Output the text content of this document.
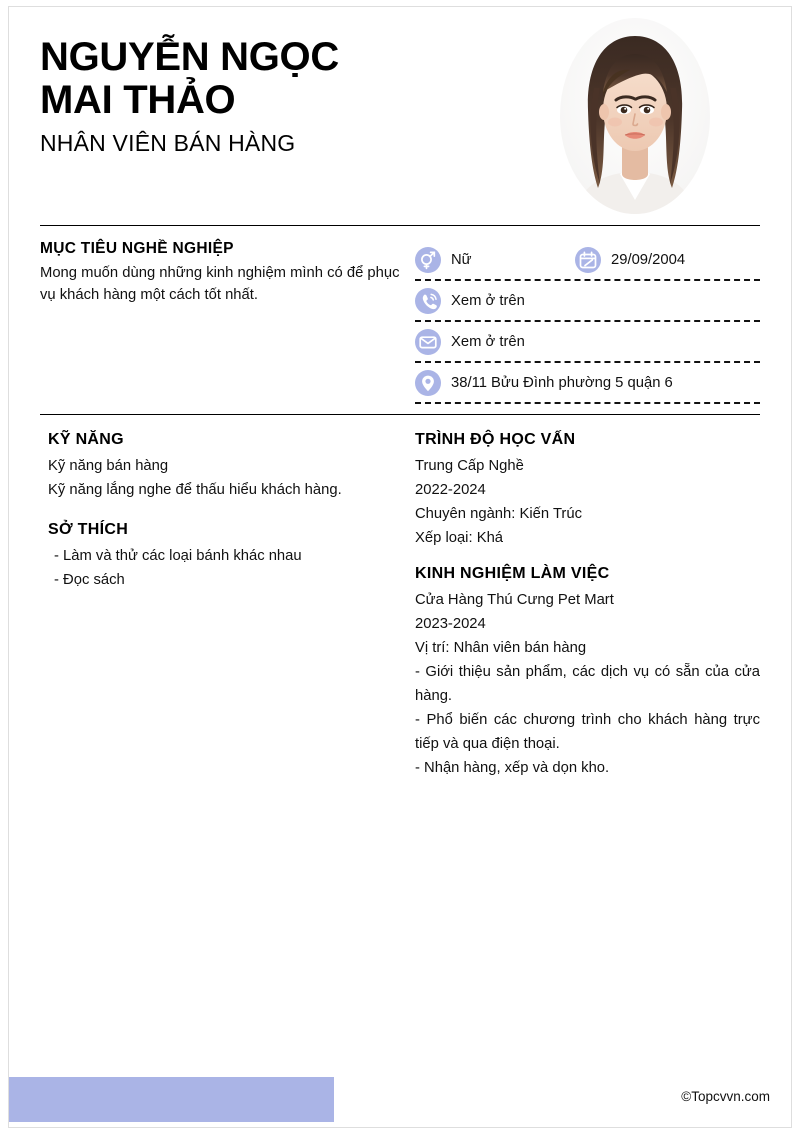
NGUYỄN NGỌC
MAI THẢO
NHÂN VIÊN BÁN HÀNG
MỤC TIÊU NGHỀ NGHIỆP

Mong muốn dùng những kinh nghiệm mình có để phục vụ khách hàng một cách tốt nhất.

Nữ	29/09/2004
Xem ở trên
Xem ở trên
38/11 Bửu Đình phường 5 quận 6
KỸ NĂNG

Kỹ năng bán hàng

Kỹ năng lắng nghe để thấu hiểu khách hàng.

SỞ THÍCH

- Làm và thử các loại bánh khác nhau

- Đọc sách

TRÌNH ĐỘ HỌC VẤN

Trung Cấp Nghề

2022-2024

Chuyên ngành: Kiến Trúc

Xếp loại: Khá

KINH NGHIỆM LÀM VIỆC

Cửa Hàng Thú Cưng Pet Mart

2023-2024

Vị trí: Nhân viên bán hàng

- Giới thiệu sản phẩm, các dịch vụ có sẵn của cửa hàng.

- Phổ biến các chương trình cho khách hàng trực tiếp và qua điện thoại.

- Nhận hàng, xếp và dọn kho.

©Topcvvn.com
